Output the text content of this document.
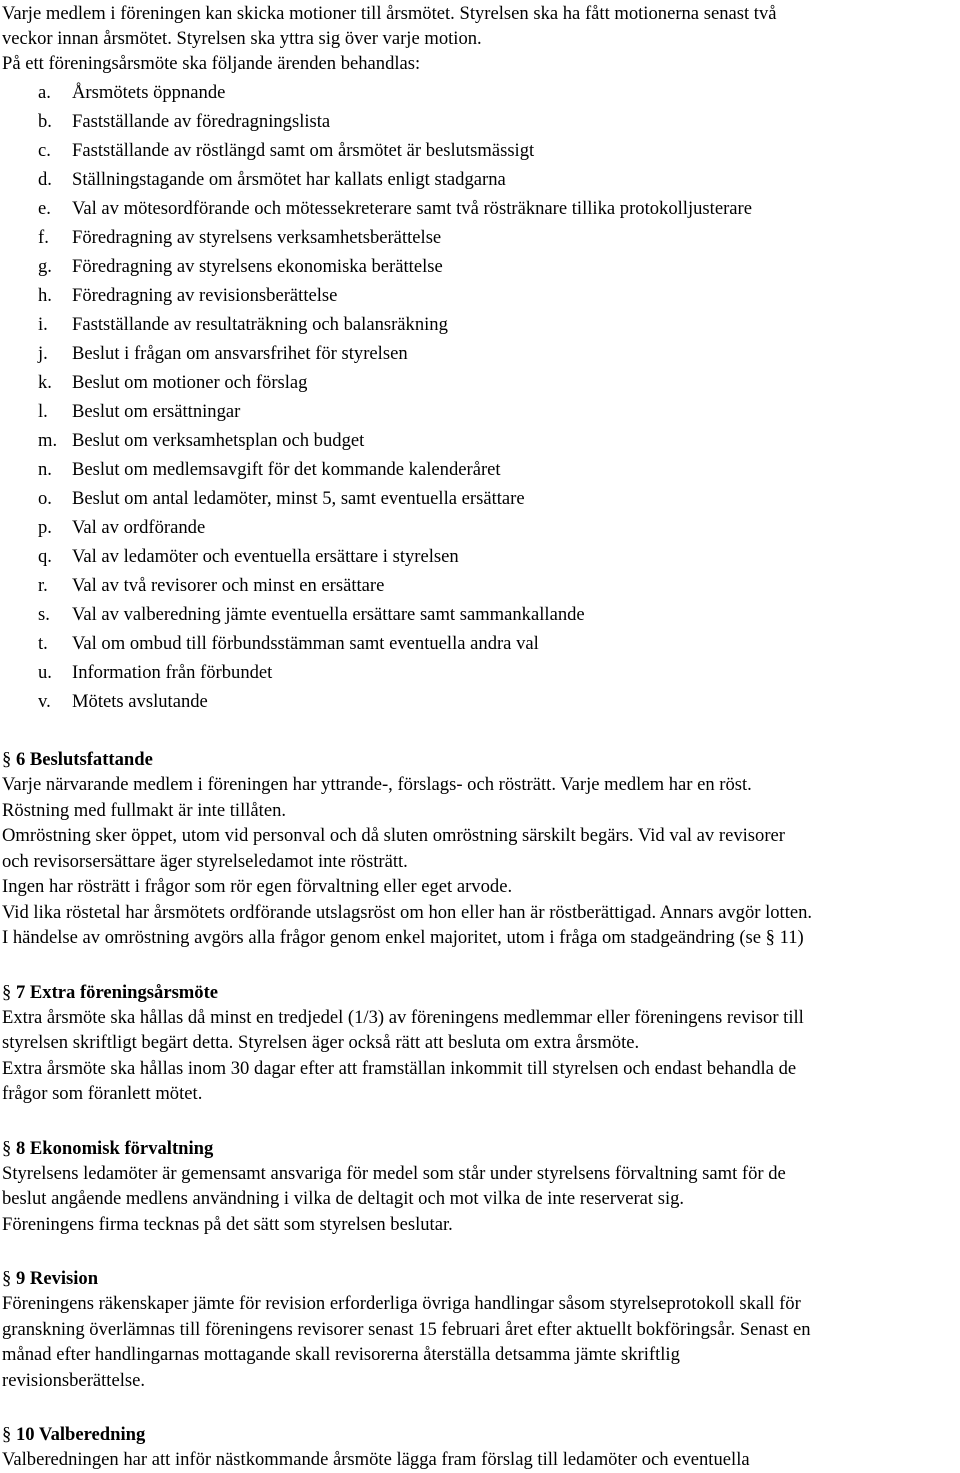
Varje medlem i föreningen kan skicka motioner till årsmötet. Styrelsen ska ha fått motionerna senast två
veckor innan årsmötet. Styrelsen ska yttra sig över varje motion.
På ett föreningsårsmöte ska följande ärenden behandlas:
a.	Årsmötets öppnande
b.	Fastställande av föredragningslista
c.	Fastställande av röstlängd samt om årsmötet är beslutsmässigt
d.	Ställningstagande om årsmötet har kallats enligt stadgarna
e.	Val av mötesordförande och mötessekreterare samt två rösträknare tillika protokolljusterare
f.	Föredragning av styrelsens verksamhetsberättelse
g.	Föredragning av styrelsens ekonomiska berättelse
h.	Föredragning av revisionsberättelse
i.	Fastställande av resultaträkning och balansräkning
j.	Beslut i frågan om ansvarsfrihet för styrelsen
k.	Beslut om motioner och förslag
l.	Beslut om ersättningar
m. Beslut om verksamhetsplan och budget
n.	Beslut om medlemsavgift för det kommande kalenderåret
o.	Beslut om antal ledamöter, minst 5, samt eventuella ersättare
p.	Val av ordförande
q.	Val av ledamöter och eventuella ersättare i styrelsen
r.	Val av två revisorer och minst en ersättare
s.	Val av valberedning jämte eventuella ersättare samt sammankallande
t.	Val om ombud till förbundsstämman samt eventuella andra val
u.	Information från förbundet
v.	Mötets avslutande
§ 6 Beslutsfattande
Varje närvarande medlem i föreningen har yttrande-, förslags- och rösträtt. Varje medlem har en röst.
Röstning med fullmakt är inte tillåten.
Omröstning sker öppet, utom vid personval och då sluten omröstning särskilt begärs. Vid val av revisorer
och revisorsersättare äger styrelseledamot inte rösträtt.
Ingen har rösträtt i frågor som rör egen förvaltning eller eget arvode.
Vid lika röstetal har årsmötets ordförande utslagsröst om hon eller han är röstberättigad. Annars avgör lotten.
I händelse av omröstning avgörs alla frågor genom enkel majoritet, utom i fråga om stadgeändring (se § 11)
§ 7 Extra föreningsårsmöte
Extra årsmöte ska hållas då minst en tredjedel (1/3) av föreningens medlemmar eller föreningens revisor till
styrelsen skriftligt begärt detta. Styrelsen äger också rätt att besluta om extra årsmöte.
Extra årsmöte ska hållas inom 30 dagar efter att framställan inkommit till styrelsen och endast behandla de
frågor som föranlett mötet.
§ 8 Ekonomisk förvaltning
Styrelsens ledamöter är gemensamt ansvariga för medel som står under styrelsens förvaltning samt för de
beslut angående medlens användning i vilka de deltagit och mot vilka de inte reserverat sig.
Föreningens firma tecknas på det sätt som styrelsen beslutar.
§ 9 Revision
Föreningens räkenskaper jämte för revision erforderliga övriga handlingar såsom styrelseprotokoll skall för
granskning överlämnas till föreningens revisorer senast 15 februari året efter aktuellt bokföringsår. Senast en
månad efter handlingarnas mottagande skall revisorerna återställa detsamma jämte skriftlig
revisionsberättelse.
§ 10 Valberedning
Valberedningen har att inför nästkommande årsmöte lägga fram förslag till ledamöter och eventuella
